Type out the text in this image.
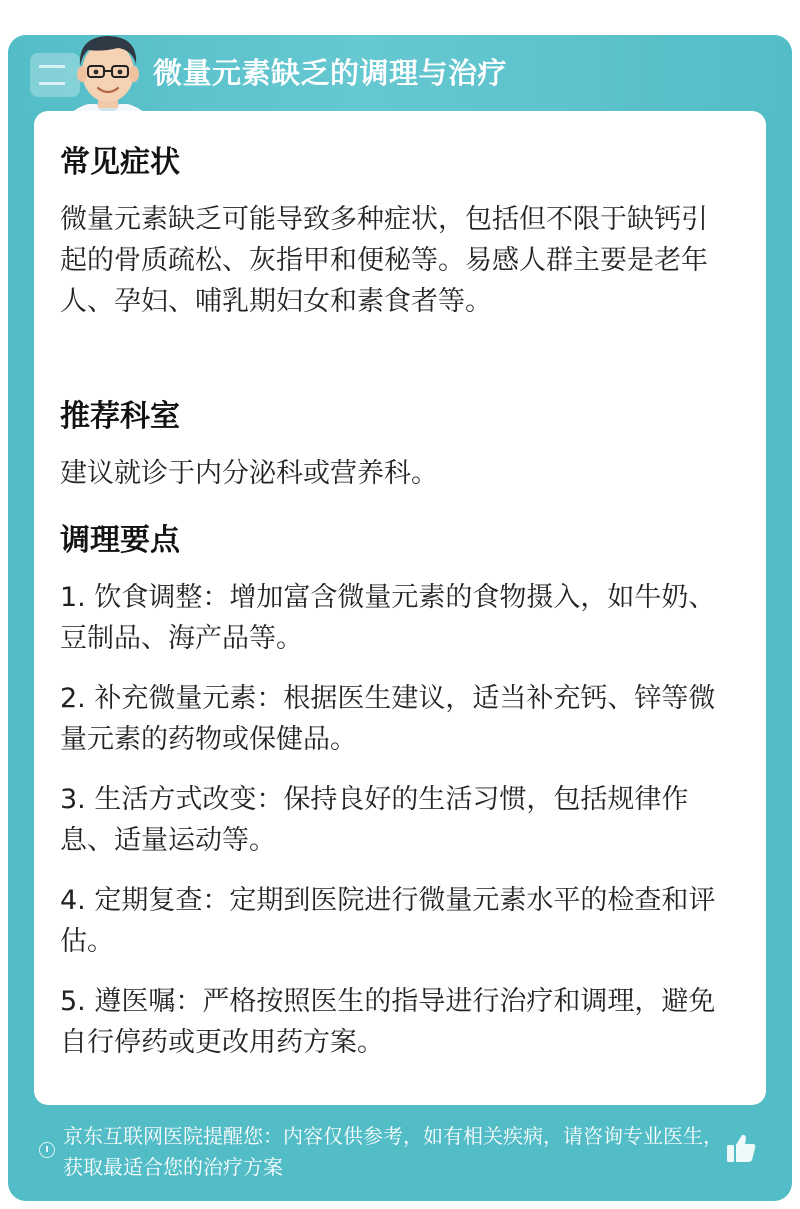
微量元素缺乏的调理与治疗
常见症状
微量元素缺乏可能导致多种症状，包括但不限于缺钙引起的骨质疏松、灰指甲和便秘等。易感人群主要是老年人、孕妇、哺乳期妇女和素食者等。
推荐科室
建议就诊于内分泌科或营养科。
调理要点
1. 饮食调整：增加富含微量元素的食物摄入，如牛奶、豆制品、海产品等。
2. 补充微量元素：根据医生建议，适当补充钙、锌等微量元素的药物或保健品。
3. 生活方式改变：保持良好的生活习惯，包括规律作息、适量运动等。
4. 定期复查：定期到医院进行微量元素水平的检查和评估。
5. 遵医嘱：严格按照医生的指导进行治疗和调理，避免自行停药或更改用药方案。
京东互联网医院提醒您：内容仅供参考，如有相关疾病，请咨询专业医生，获取最适合您的治疗方案
